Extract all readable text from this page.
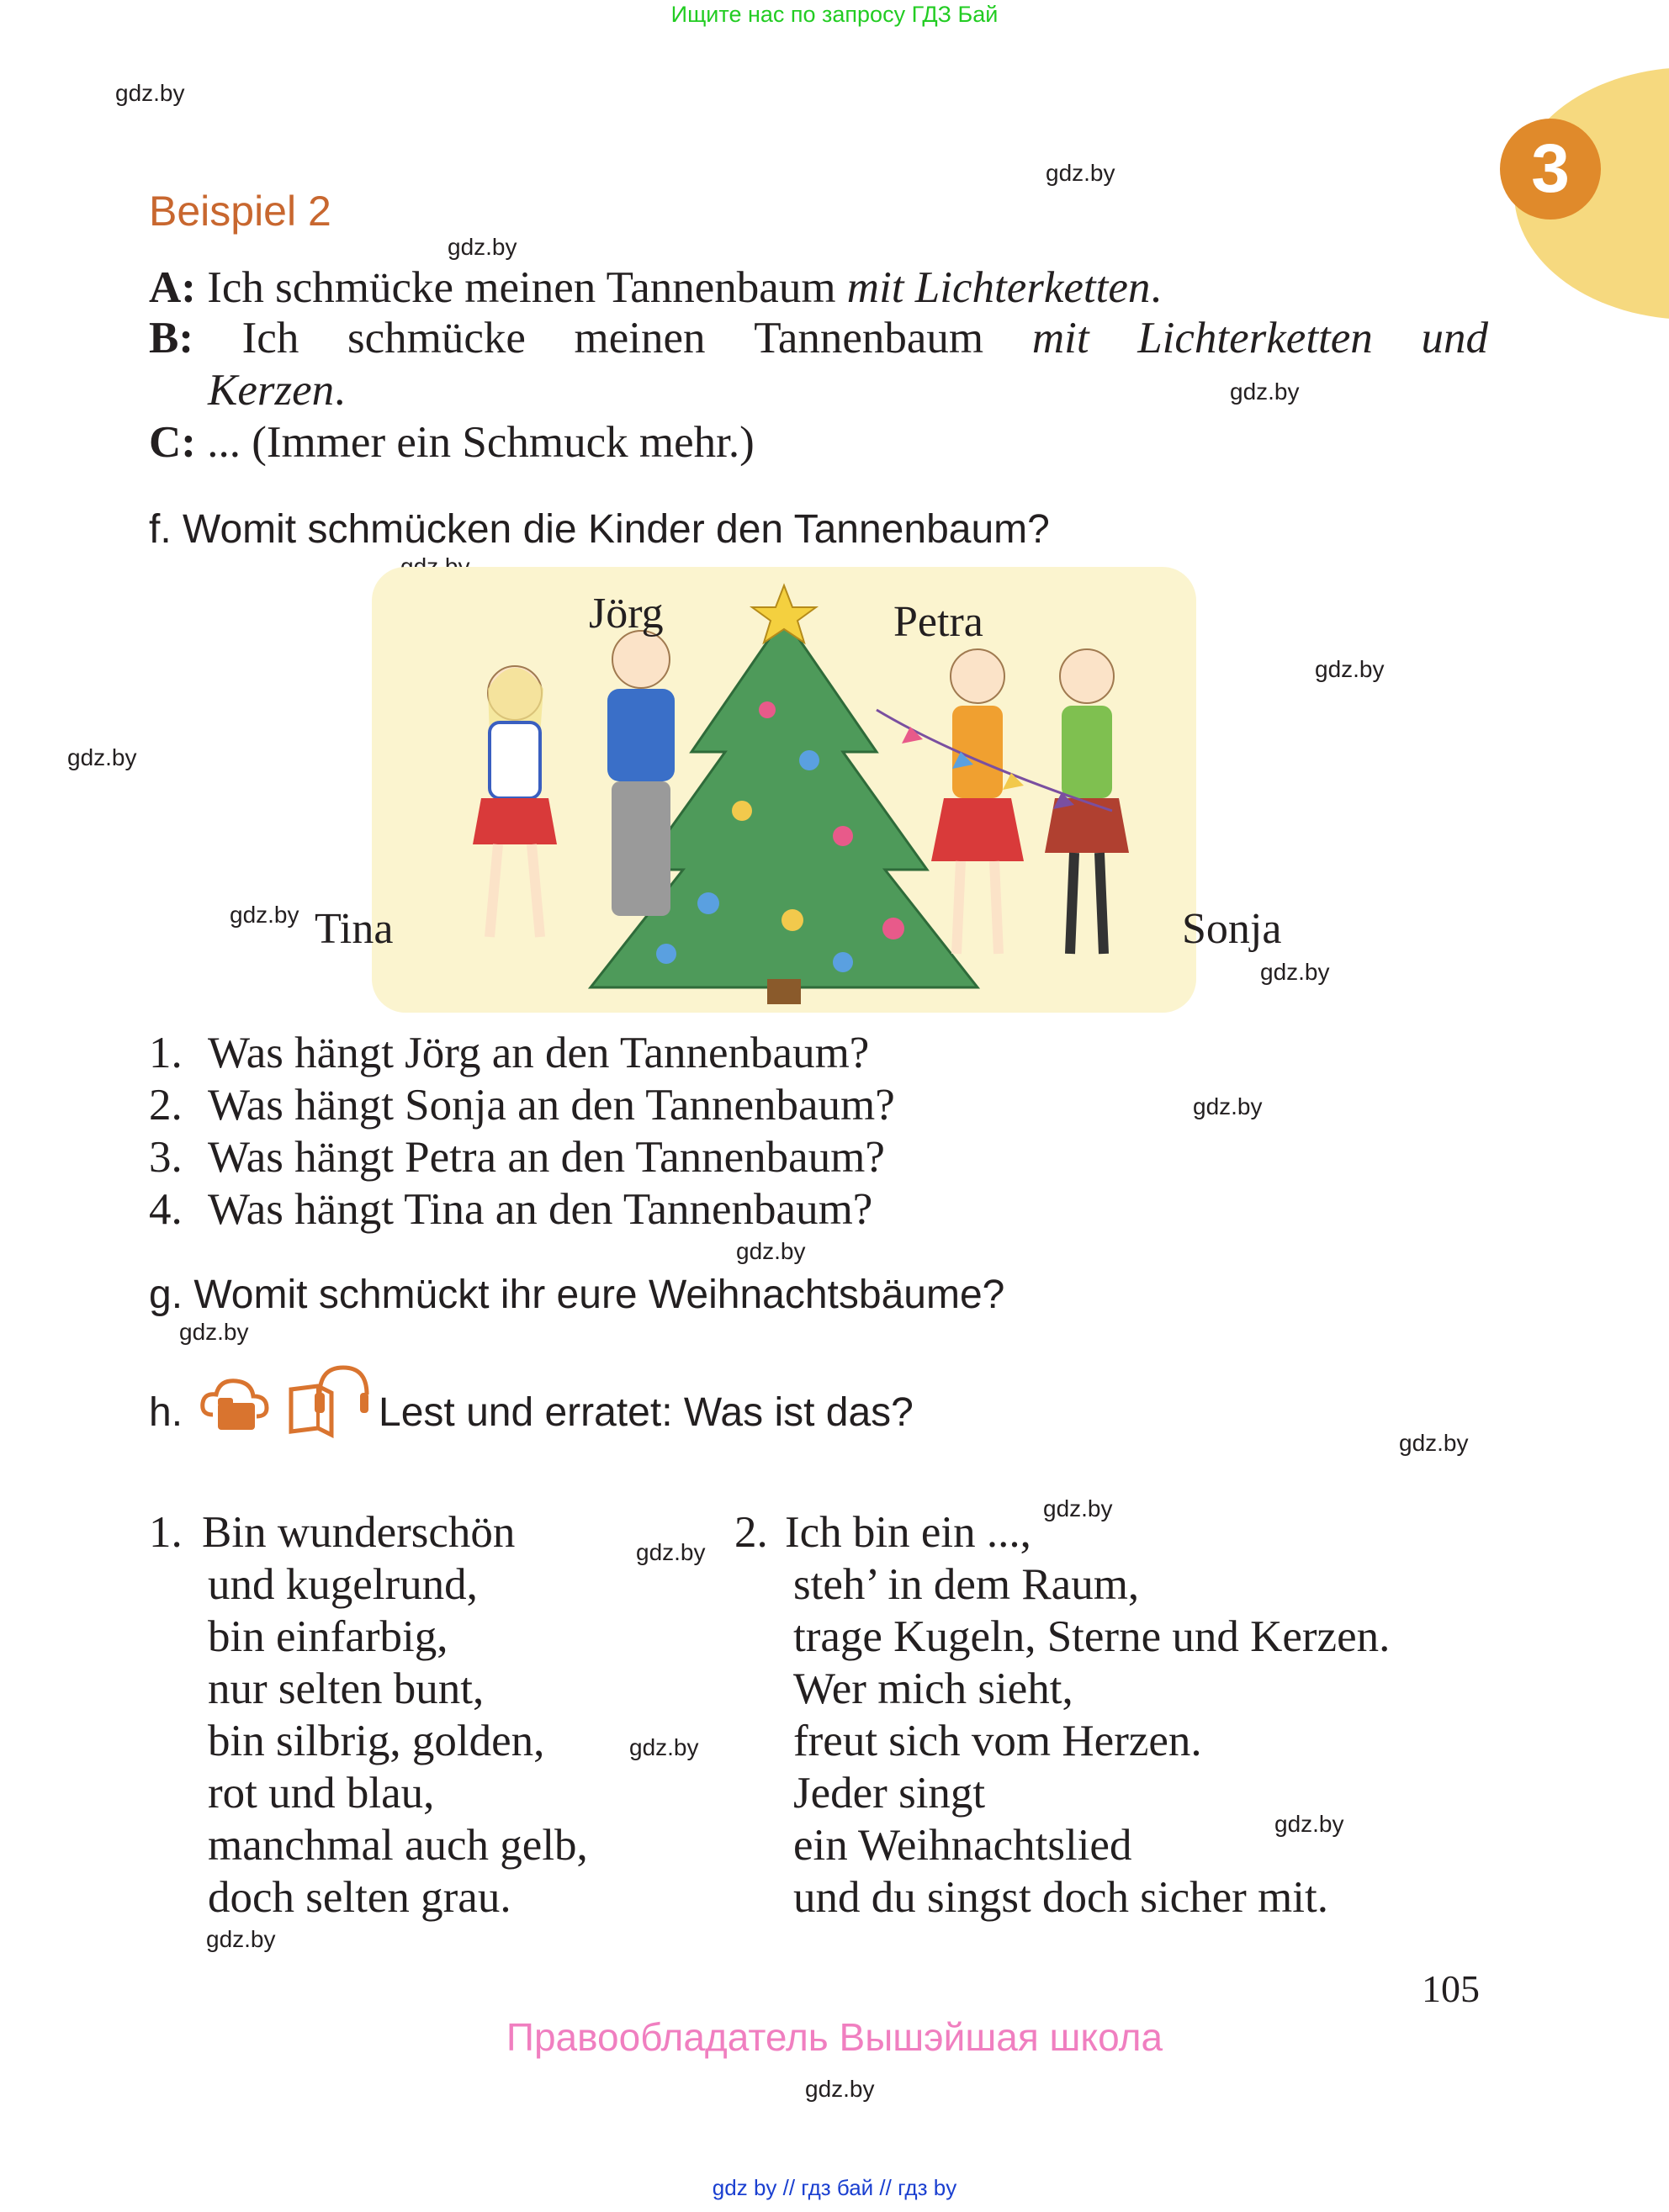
Ищите нас по запросу ГДЗ Бай
3
gdz.by
gdz.by
gdz.by
gdz.by
gdz.by
gdz.by
gdz.by
gdz.by
gdz.by
gdz.by
gdz.by
gdz.by
gdz.by
gdz.by
gdz.by
gdz.by
gdz.by
gdz.by
Beispiel 2
A: Ich schmücke meinen Tannenbaum mit Lichterketten.
B: Ich schmücke meinen Tannenbaum mit Lichterketten und
Kerzen.
C: ... (Immer ein Schmuck mehr.)
f. Womit schmücken die Kinder den Tannenbaum?
Jörg	Petra
Tina	Sonja
1. Was hängt Jörg an den Tannenbaum?
2. Was hängt Sonja an den Tannenbaum?
3. Was hängt Petra an den Tannenbaum?
4. Was hängt Tina an den Tannenbaum?
g. Womit schmückt ihr eure Weihnachtsbäume?
h.	Lest und erratet: Was ist das?
1. Bin wunderschön
und kugelrund,
bin einfarbig,
nur selten bunt,
bin silbrig, golden,
rot und blau,
manchmal auch gelb,
doch selten grau.
2. Ich bin ein ...,
steh’ in dem Raum,
trage Kugeln, Sterne und Kerzen.
Wer mich sieht,
freut sich vom Herzen.
Jeder singt
ein Weihnachtslied
und du singst doch sicher mit.
105
Правообладатель Вышэйшая школа
gdz by // гдз бай // гдз by
